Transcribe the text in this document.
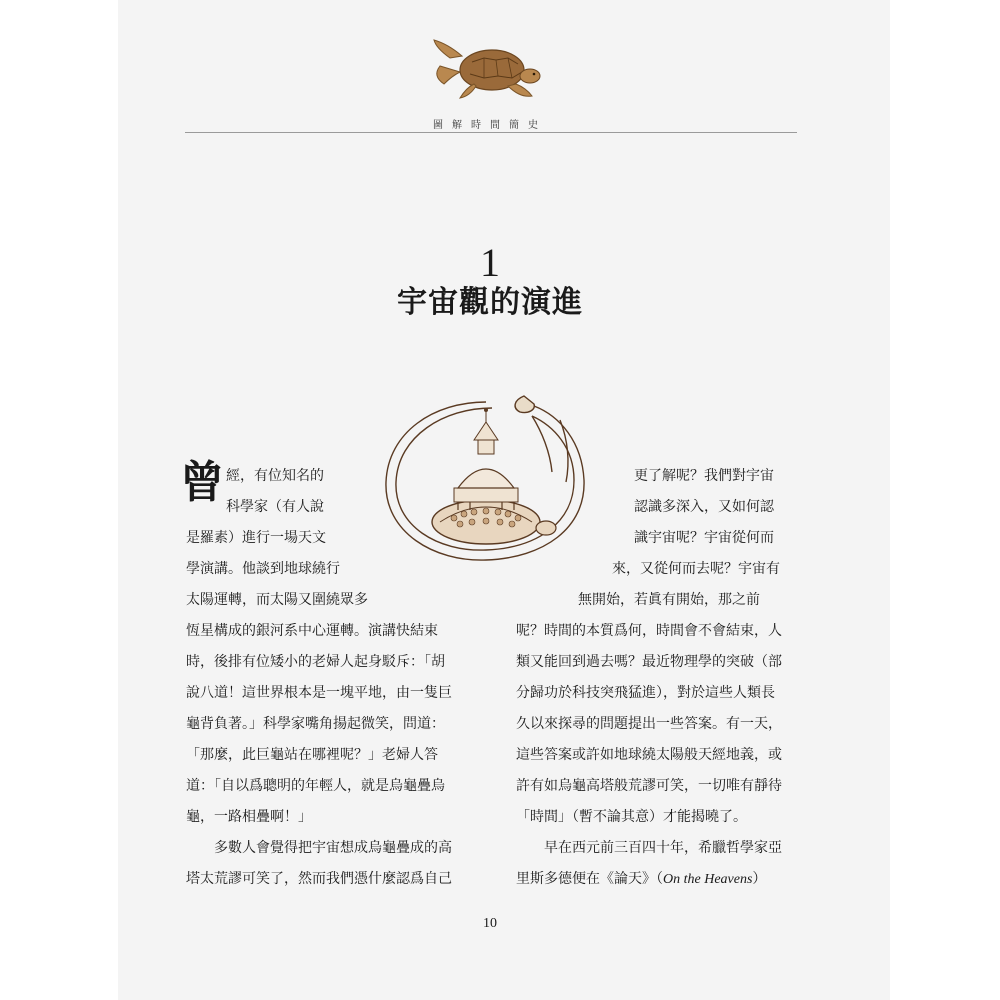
圖解時間簡史
1
宇宙觀的演進
曾 經，有位知名的
科學家（有人說
是羅素）進行一場天文
學演講。他談到地球繞行
太陽運轉，而太陽又圍繞眾多
恆星構成的銀河系中心運轉。演講快結束
時，後排有位矮小的老婦人起身駁斥：「胡
說八道！這世界根本是一塊平地，由一隻巨
龜背負著。」科學家嘴角揚起微笑，問道：
「那麼，此巨龜站在哪裡呢？」老婦人答
道：「自以爲聰明的年輕人，就是烏龜疊烏
龜，一路相疊啊！」
多數人會覺得把宇宙想成烏龜疊成的高
塔太荒謬可笑了，然而我們憑什麼認爲自己
更了解呢？我們對宇宙
認識多深入，又如何認
識宇宙呢？宇宙從何而
來，又從何而去呢？宇宙有
無開始，若眞有開始，那之前
呢？時間的本質爲何，時間會不會結束，人
類又能回到過去嗎？最近物理學的突破（部
分歸功於科技突飛猛進），對於這些人類長
久以來探尋的問題提出一些答案。有一天，
這些答案或許如地球繞太陽般天經地義，或
許有如烏龜高塔般荒謬可笑，一切唯有靜待
「時間」（暫不論其意）才能揭曉了。
早在西元前三百四十年，希臘哲學家亞
里斯多德便在《論天》（On the Heavens）
10
